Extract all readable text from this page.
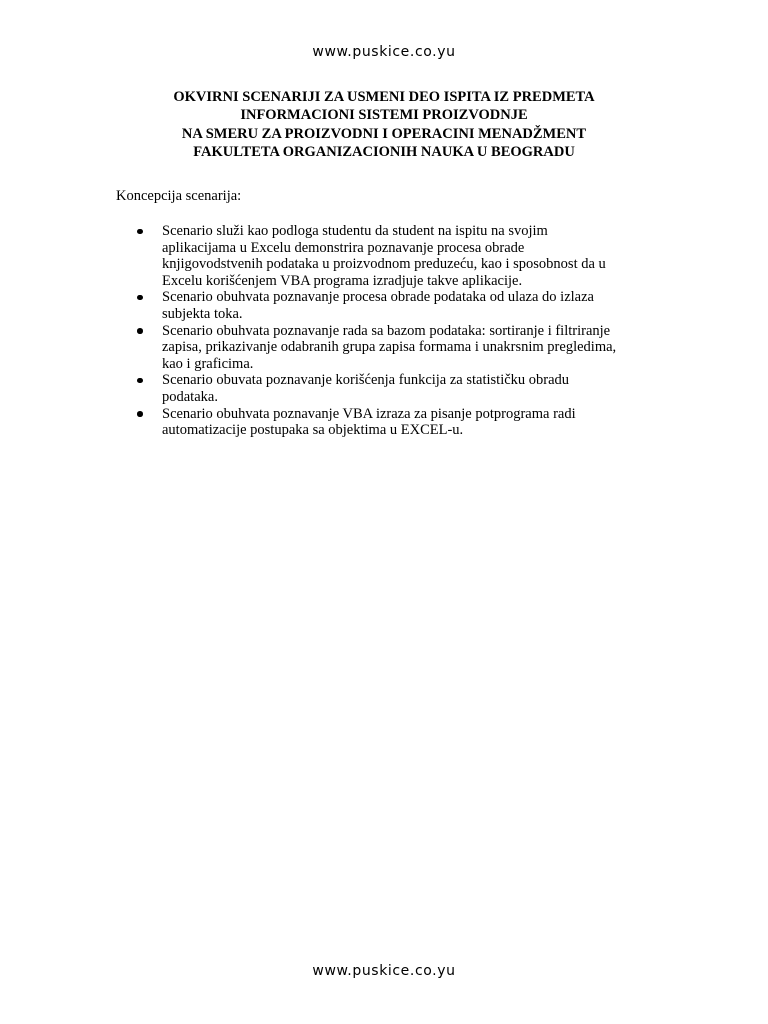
www.puskice.co.yu
OKVIRNI SCENARIJI ZA USMENI DEO ISPITA IZ PREDMETA
INFORMACIONI SISTEMI PROIZVODNJE
NA SMERU ZA PROIZVODNI I OPERACINI MENADŽMENT
FAKULTETA ORGANIZACIONIH NAUKA U BEOGRADU
Koncepcija scenarija:
Scenario služi kao podloga studentu da student na ispitu na svojim
aplikacijama u Excelu demonstrira poznavanje procesa obrade
knjigovodstvenih podataka u proizvodnom preduzeću, kao i sposobnost da u
Excelu korišćenjem VBA programa izradjuje takve aplikacije.
Scenario obuhvata poznavanje procesa obrade podataka od ulaza do izlaza
subjekta toka.
Scenario obuhvata poznavanje rada sa bazom podataka: sortiranje i filtriranje
zapisa, prikazivanje odabranih grupa zapisa formama i unakrsnim pregledima,
kao i graficima.
Scenario obuvata poznavanje korišćenja funkcija za statističku obradu
podataka.
Scenario obuhvata poznavanje VBA izraza za pisanje potprograma radi
automatizacije postupaka sa objektima u EXCEL-u.
www.puskice.co.yu
